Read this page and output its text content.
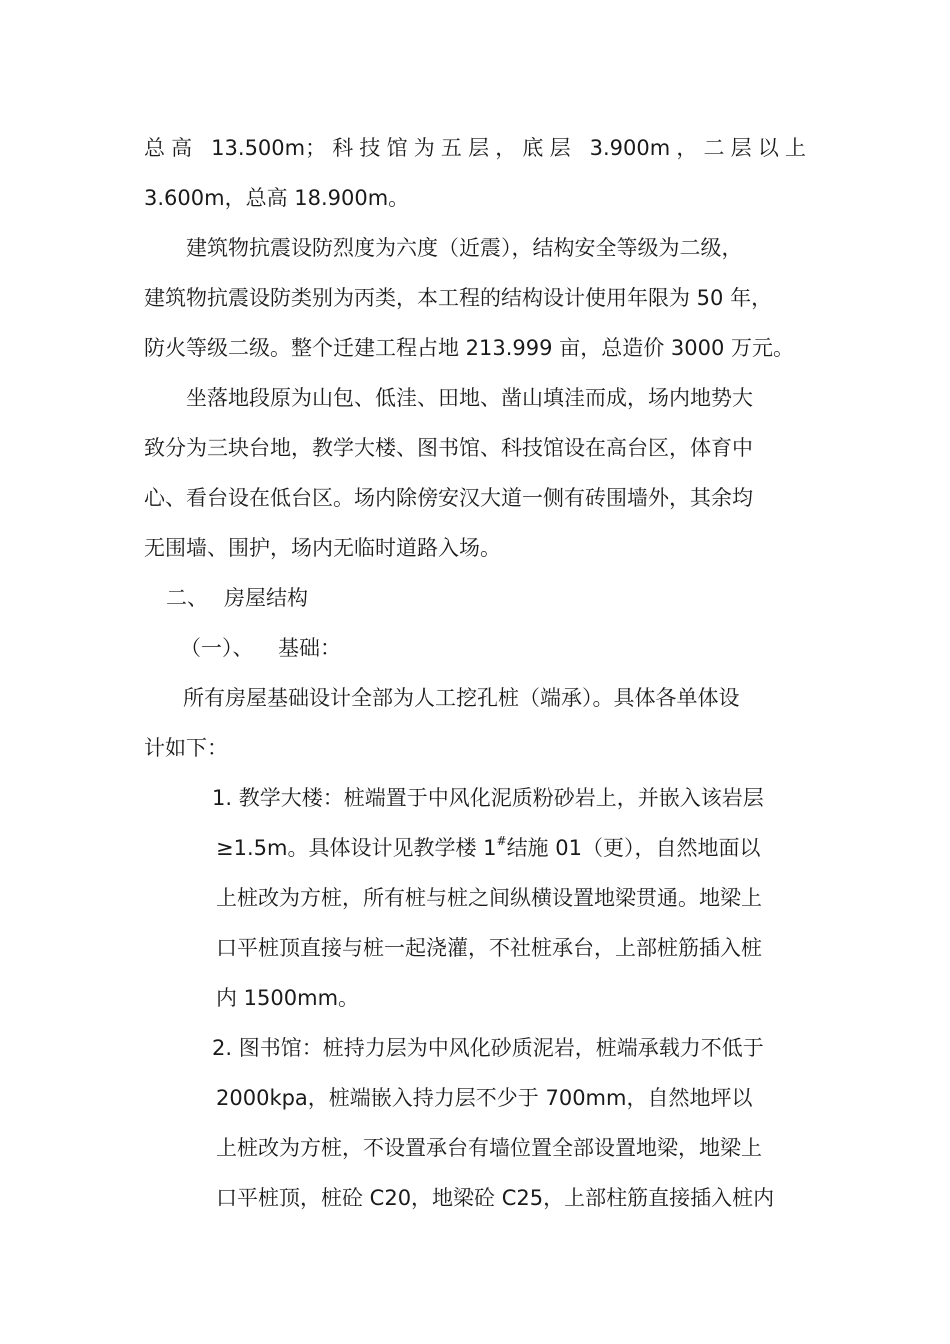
总高 13.500m；科技馆为五层，底层 3.900m，二层以上
3.600m，总高 18.900m。
建筑物抗震设防烈度为六度（近震），结构安全等级为二级，
建筑物抗震设防类别为丙类，本工程的结构设计使用年限为 50 年，
防火等级二级。整个迁建工程占地 213.999 亩，总造价 3000 万元。
坐落地段原为山包、低洼、田地、凿山填洼而成，场内地势大
致分为三块台地，教学大楼、图书馆、科技馆设在高台区，体育中
心、看台设在低台区。场内除傍安汉大道一侧有砖围墙外，其余均
无围墙、围护，场内无临时道路入场。
二、 房屋结构
（一）、 基础：
所有房屋基础设计全部为人工挖孔桩（端承）。具体各单体设
计如下：
1. 教学大楼：桩端置于中风化泥质粉砂岩上，并嵌入该岩层
≥1.5m。具体设计见教学楼 1#结施 01（更），自然地面以
上桩改为方桩，所有桩与桩之间纵横设置地梁贯通。地梁上
口平桩顶直接与桩一起浇灌，不社桩承台，上部桩筋插入桩
内 1500mm。
2. 图书馆：桩持力层为中风化砂质泥岩，桩端承载力不低于
2000kpa，桩端嵌入持力层不少于 700mm，自然地坪以
上桩改为方桩，不设置承台有墙位置全部设置地梁，地梁上
口平桩顶，桩砼 C20，地梁砼 C25，上部柱筋直接插入桩内
